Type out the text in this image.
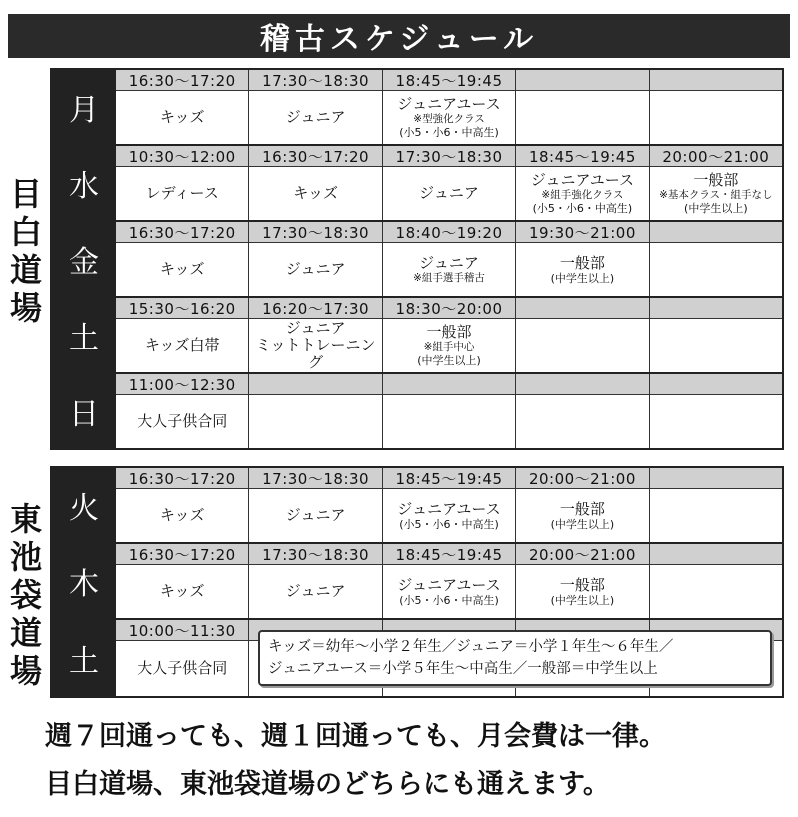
稽古スケジュール
目
白
道
場
月
16:30〜17:20
キッズ
17:30〜18:30
ジュニア
18:45〜19:45
ジュニアユース
※型強化クラス
(小5・小6・中高生)
水
10:30〜12:00
レディース
16:30〜17:20
キッズ
17:30〜18:30
ジュニア
18:45〜19:45
ジュニアユース
※組手強化クラス
(小5・小6・中高生)
20:00〜21:00
一般部
※基本クラス・組手なし
(中学生以上)
金
16:30〜17:20
キッズ
17:30〜18:30
ジュニア
18:40〜19:20
ジュニア
※組手選手稽古
19:30〜21:00
一般部
(中学生以上)
土
15:30〜16:20
キッズ白帯
16:20〜17:30
ジュニア
ミットトレーニング
18:30〜20:00
一般部
※組手中心
(中学生以上)
日
11:00〜12:30
大人子供合同
東
池
袋
道
場
火
16:30〜17:20
キッズ
17:30〜18:30
ジュニア
18:45〜19:45
ジュニアユース
(小5・小6・中高生)
20:00〜21:00
一般部
(中学生以上)
木
16:30〜17:20
キッズ
17:30〜18:30
ジュニア
18:45〜19:45
ジュニアユース
(小5・小6・中高生)
20:00〜21:00
一般部
(中学生以上)
土
10:00〜11:30
大人子供合同
キッズ＝幼年〜小学２年生／ジュニア＝小学１年生〜６年生／
ジュニアユース＝小学５年生〜中高生／一般部＝中学生以上
週７回通っても、週１回通っても、月会費は一律。
目白道場、東池袋道場のどちらにも通えます。
